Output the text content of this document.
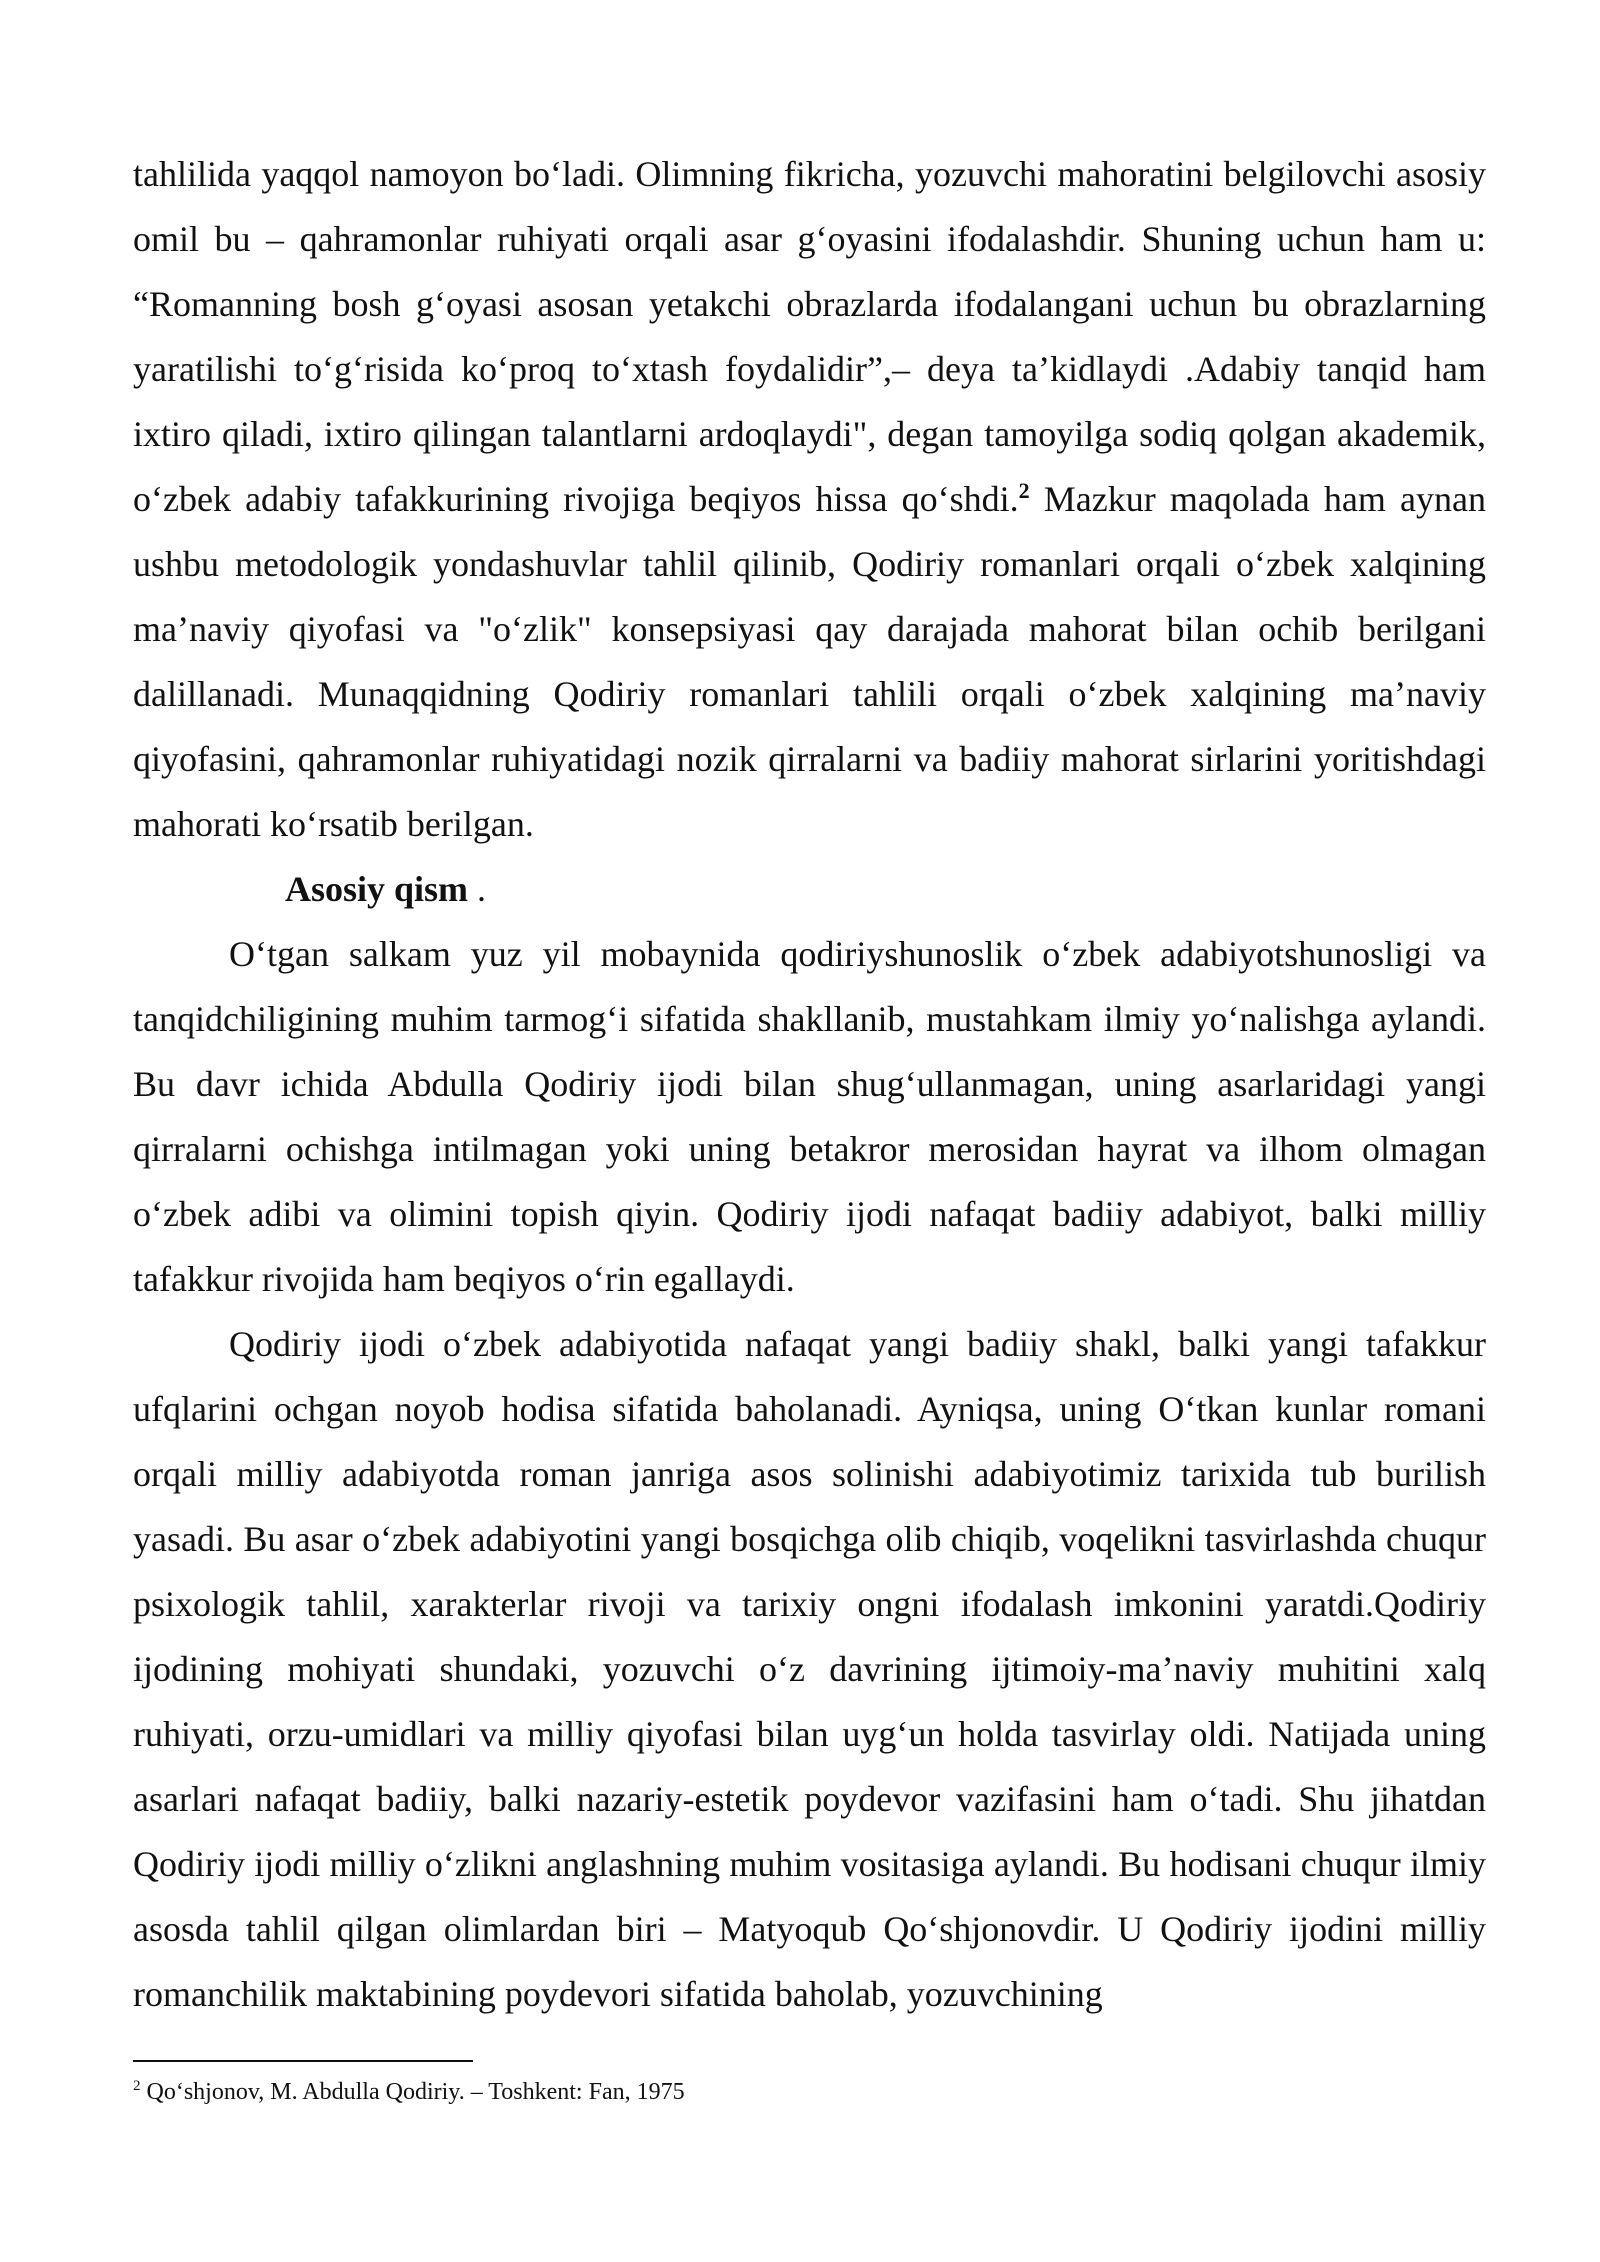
tahlilida yaqqol namoyon bo‘ladi. Olimning fikricha, yozuvchi mahoratini belgilovchi asosiy omil bu – qahramonlar ruhiyati orqali asar g‘oyasini ifodalashdir. Shuning uchun ham u: “Romanning bosh g‘oyasi asosan yetakchi obrazlarda ifodalangani uchun bu obrazlarning yaratilishi to‘g‘risida ko‘proq to‘xtash foydalidir”,– deya ta’kidlaydi .Adabiy tanqid ham ixtiro qiladi, ixtiro qilingan talantlarni ardoqlaydi", degan tamoyilga sodiq qolgan akademik, o‘zbek adabiy tafakkurining rivojiga beqiyos hissa qo‘shdi.$^2$ Mazkur maqolada ham aynan ushbu metodologik yondashuvlar tahlil qilinib, Qodiriy romanlari orqali o‘zbek xalqining ma’naviy qiyofasi va "o‘zlik" konsepsiyasi qay darajada mahorat bilan ochib berilgani dalillanadi. Munaqqidning Qodiriy romanlari tahlili orqali o‘zbek xalqining ma’naviy qiyofasini, qahramonlar ruhiyatidagi nozik qirralarni va badiiy mahorat sirlarini yoritishdagi mahorati ko‘rsatib berilgan.

Asosiy qism .

O‘tgan salkam yuz yil mobaynida qodiriyshunoslik o‘zbek adabiyotshunosligi va tanqidchiligining muhim tarmog‘i sifatida shakllanib, mustahkam ilmiy yo‘nalishga aylandi. Bu davr ichida Abdulla Qodiriy ijodi bilan shug‘ullanmagan, uning asarlaridagi yangi qirralarni ochishga intilmagan yoki uning betakror merosidan hayrat va ilhom olmagan o‘zbek adibi va olimini topish qiyin. Qodiriy ijodi nafaqat badiiy adabiyot, balki milliy tafakkur rivojida ham beqiyos o‘rin egallaydi.

Qodiriy ijodi o‘zbek adabiyotida nafaqat yangi badiiy shakl, balki yangi tafakkur ufqlarini ochgan noyob hodisa sifatida baholanadi. Ayniqsa, uning O‘tkan kunlar romani orqali milliy adabiyotda roman janriga asos solinishi adabiyotimiz tarixida tub burilish yasadi. Bu asar o‘zbek adabiyotini yangi bosqichga olib chiqib, voqelikni tasvirlashda chuqur psixologik tahlil, xarakterlar rivoji va tarixiy ongni ifodalash imkonini yaratdi.Qodiriy ijodining mohiyati shundaki, yozuvchi o‘z davrining ijtimoiy-ma’naviy muhitini xalq ruhiyati, orzu-umidlari va milliy qiyofasi bilan uyg‘un holda tasvirlay oldi. Natijada uning asarlari nafaqat badiiy, balki nazariy-estetik poydevor vazifasini ham o‘tadi. Shu jihatdan Qodiriy ijodi milliy o‘zlikni anglashning muhim vositasiga aylandi. Bu hodisani chuqur ilmiy asosda tahlil qilgan olimlardan biri – Matyoqub Qo‘shjonovdir. U Qodiriy ijodini milliy romanchilik maktabining poydevori sifatida baholab, yozuvchining

$^2$ Qo‘shjonov, M. Abdulla Qodiriy. – Toshkent: Fan, 1975
